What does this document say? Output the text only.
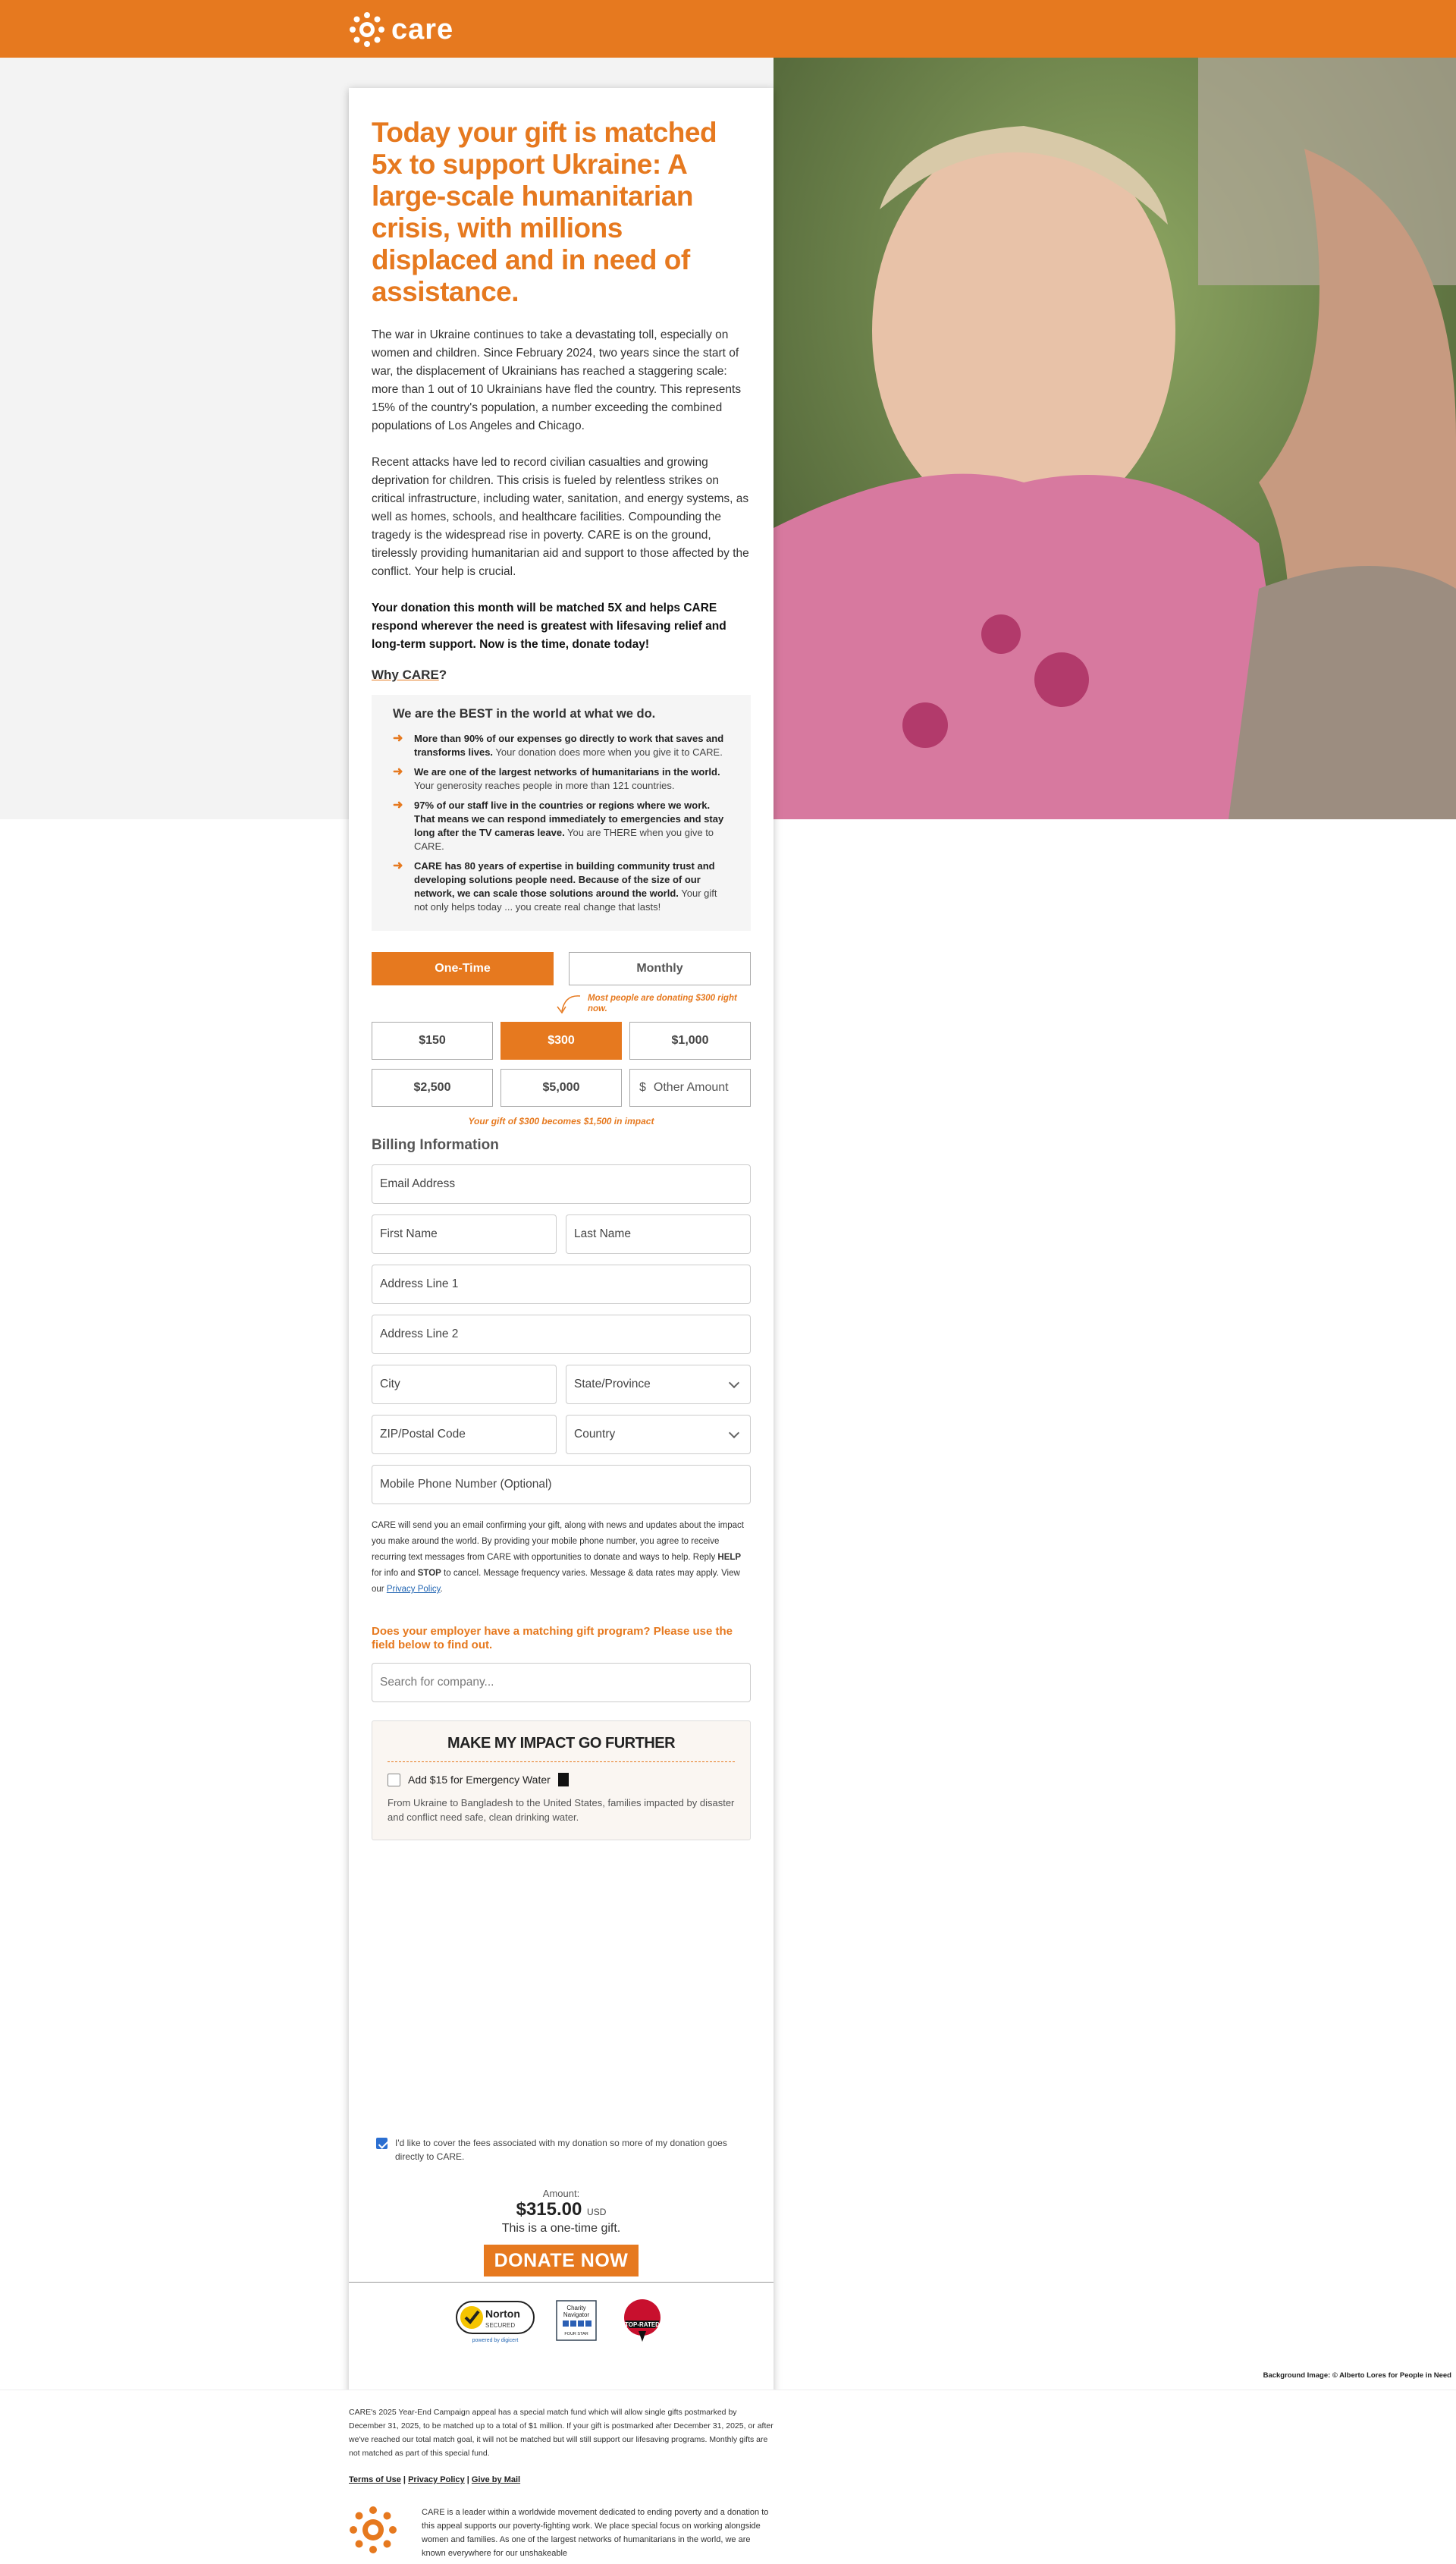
care
Today your gift is matched 5x to support Ukraine: A large-scale humanitarian crisis, with millions displaced and in need of assistance.

The war in Ukraine continues to take a devastating toll, especially on women and children. Since February 2024, two years since the start of war, the displacement of Ukrainians has reached a staggering scale: more than 1 out of 10 Ukrainians have fled the country. This represents 15% of the country's population, a number exceeding the combined populations of Los Angeles and Chicago.

Recent attacks have led to record civilian casualties and growing deprivation for children. This crisis is fueled by relentless strikes on critical infrastructure, including water, sanitation, and energy systems, as well as homes, schools, and healthcare facilities. Compounding the tragedy is the widespread rise in poverty. CARE is on the ground, tirelessly providing humanitarian aid and support to those affected by the conflict. Your help is crucial.

Your donation this month will be matched 5X and helps CARE respond wherever the need is greatest with lifesaving relief and long-term support. Now is the time, donate today!

Why CARE?
We are the BEST in the world at what we do.
➜ More than 90% of our expenses go directly to work that saves and transforms lives. Your donation does more when you give it to CARE.
➜ We are one of the largest networks of humanitarians in the world. Your generosity reaches people in more than 121 countries.
➜ 97% of our staff live in the countries or regions where we work. That means we can respond immediately to emergencies and stay long after the TV cameras leave. You are THERE when you give to CARE.
➜ CARE has 80 years of expertise in building community trust and developing solutions people need. Because of the size of our network, we can scale those solutions around the world. Your gift not only helps today ... you create real change that lasts!
One-Time	Monthly
Most people are donating $300 right now.
$150	$300	$1,000
$2,500	$5,000	$ Other Amount
Your gift of $300 becomes $1,500 in impact
Billing Information
Email Address
First Name	Last Name
Address Line 1
Address Line 2
City	State/Province
ZIP/Postal Code	Country
Mobile Phone Number (Optional)

CARE will send you an email confirming your gift, along with news and updates about the impact you make around the world. By providing your mobile phone number, you agree to receive recurring text messages from CARE with opportunities to donate and ways to help. Reply HELP for info and STOP to cancel. Message frequency varies. Message & data rates may apply. View our Privacy Policy.

Does your employer have a matching gift program? Please use the field below to find out.
Search for company...
MAKE MY IMPACT GO FURTHER
Add $15 for Emergency Water

From Ukraine to Bangladesh to the United States, families impacted by disaster and conflict need safe, clean drinking water.

I'd like to cover the fees associated with my donation so more of my donation goes directly to CARE.
Amount:
$315.00 USD
This is a one-time gift.
DONATE NOW
Norton
SECURED
powered by digicert
Charity
Navigator
FOUR STAR
TOP-RATED
Background Image: © Alberto Lores for People in Need

CARE's 2025 Year-End Campaign appeal has a special match fund which will allow single gifts postmarked by December 31, 2025, to be matched up to a total of $1 million. If your gift is postmarked after December 31, 2025, or after we've reached our total match goal, it will not be matched but will still support our lifesaving programs. Monthly gifts are not matched as part of this special fund.

Terms of Use | Privacy Policy | Give by Mail

CARE is a leader within a worldwide movement dedicated to ending poverty and a donation to this appeal supports our poverty-fighting work. We place special focus on working alongside women and families. As one of the largest networks of humanitarians in the world, we are known everywhere for our unshakeable
